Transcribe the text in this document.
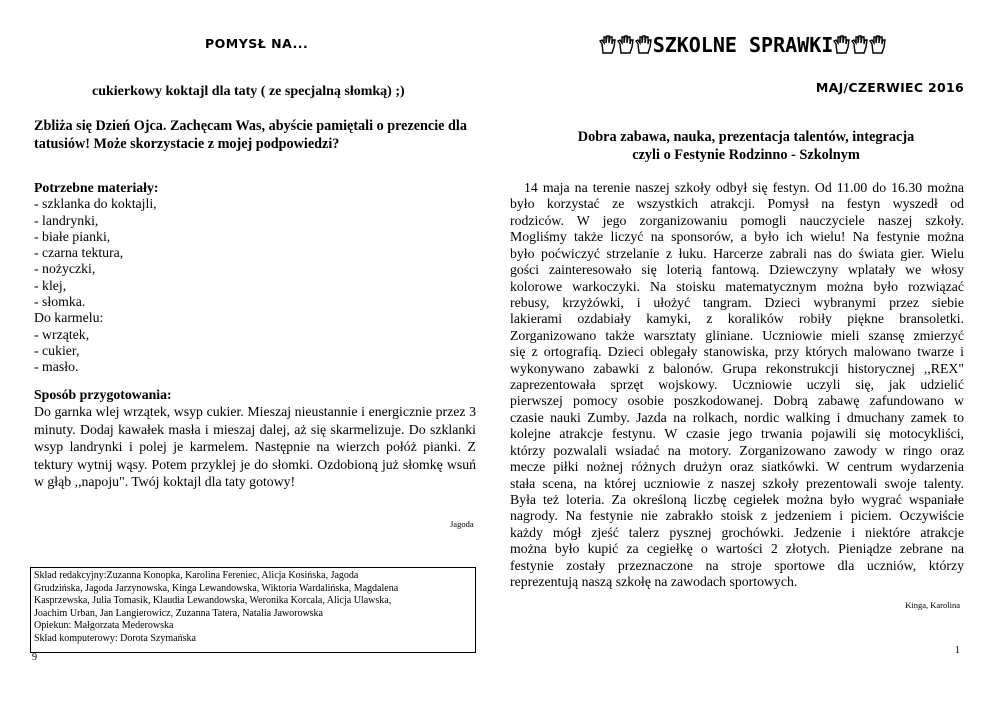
POMYSŁ NA...
cukierkowy koktajl dla taty ( ze specjalną słomką) ;)
Zbliża się Dzień Ojca. Zachęcam Was, abyście pamiętali o prezencie dla tatusiów! Może skorzystacie z mojej podpowiedzi?
Potrzebne materiały:
- szklanka do koktajli,
- landrynki,
- białe pianki,
- czarna tektura,
- nożyczki,
- klej,
- słomka.
Do karmelu:
- wrzątek,
- cukier,
- masło.
Sposób przygotowania:
Do garnka wlej wrzątek, wsyp cukier. Mieszaj nieustannie i energicznie przez 3 minuty. Dodaj kawałek masła i mieszaj dalej, aż się skarmelizuje. Do szklanki wsyp landrynki i polej je karmelem. Następnie na wierzch połóż pianki. Z tektury wytnij wąsy. Potem przyklej je do słomki. Ozdobioną już słomkę wsuń w głąb ,,napoju". Twój koktajl dla taty gotowy!
Jagoda
Skład redakcyjny:Zuzanna Konopka, Karolina Fereniec, Alicja Kosińska, Jagoda
Grudzińska, Jagoda Jarzynowska, Kinga Lewandowska, Wiktoria Wardalińska, Magdalena
Kasprzewska, Julia Tomasik, Klaudia Lewandowska, Weronika Korcala, Alicja Ulawska,
Joachim Urban, Jan Langierowicz, Zuzanna Tatera, Natalia Jaworowska
Opiekun: Małgorzata Mederowska
Skład komputerowy: Dorota Szymańska
9
SZKOLNE SPRAWKI
MAJ/CZERWIEC 2016
Dobra zabawa, nauka, prezentacja talentów, integracja
czyli o Festynie Rodzinno - Szkolnym
14 maja na terenie naszej szkoły odbył się festyn. Od 11.00 do 16.30 można
było korzystać ze wszystkich atrakcji. Pomysł na festyn wyszedł od
rodziców. W jego zorganizowaniu pomogli nauczyciele naszej szkoły.
Mogliśmy także liczyć na sponsorów, a było ich wielu! Na festynie można
było poćwiczyć strzelanie z łuku. Harcerze zabrali nas do świata gier. Wielu
gości zainteresowało się loterią fantową. Dziewczyny wplatały we włosy
kolorowe warkoczyki. Na stoisku matematycznym można było rozwiązać
rebusy, krzyżówki, i ułożyć tangram. Dzieci wybranymi przez siebie
lakierami ozdabiały kamyki, z koralików robiły piękne bransoletki.
Zorganizowano także warsztaty gliniane. Uczniowie mieli szansę zmierzyć
się z ortografią. Dzieci oblegały stanowiska, przy których malowano twarze i
wykonywano zabawki z balonów. Grupa rekonstrukcji historycznej ,,REX"
zaprezentowała sprzęt wojskowy. Uczniowie uczyli się, jak udzielić
pierwszej pomocy osobie poszkodowanej. Dobrą zabawę zafundowano w
czasie nauki Zumby. Jazda na rolkach, nordic walking i dmuchany zamek to
kolejne atrakcje festynu. W czasie jego trwania pojawili się motocykliści,
którzy pozwalali wsiadać na motory. Zorganizowano zawody w ringo oraz
mecze piłki nożnej różnych drużyn oraz siatkówki. W centrum wydarzenia
stała scena, na której uczniowie z naszej szkoły prezentowali swoje talenty.
Była też loteria. Za określoną liczbę cegiełek można było wygrać wspaniałe
nagrody. Na festynie nie zabrakło stoisk z jedzeniem i piciem. Oczywiście
każdy mógł zjeść talerz pysznej grochówki. Jedzenie i niektóre atrakcje
można było kupić za cegiełkę o wartości 2 złotych. Pieniądze zebrane na
festynie zostały przeznaczone na stroje sportowe dla uczniów, którzy
reprezentują naszą szkołę na zawodach sportowych.
Kinga, Karolina
1
